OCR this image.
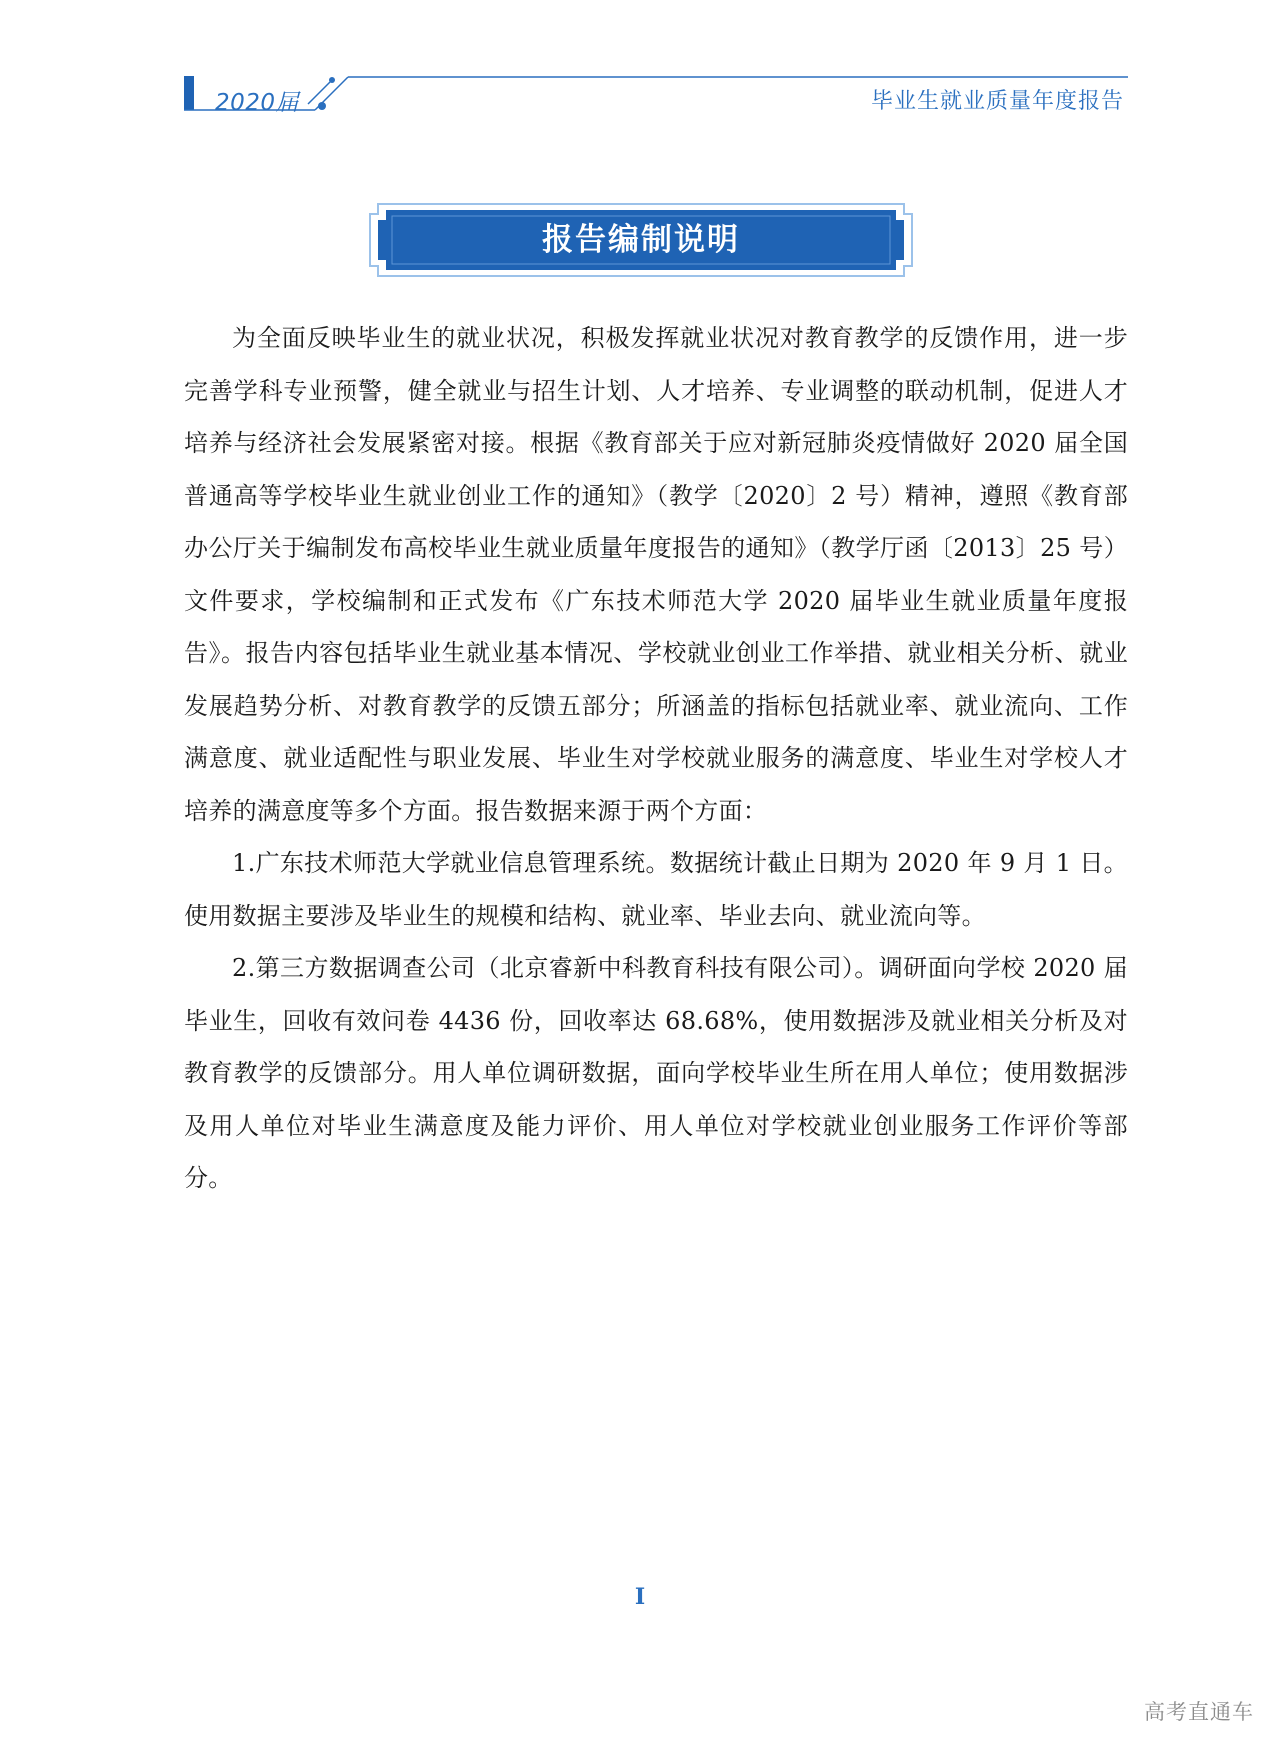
2020届	毕业生就业质量年度报告
报告编制说明

为全面反映毕业生的就业状况，积极发挥就业状况对教育教学的反馈作用，进一步完善学科专业预警，健全就业与招生计划、人才培养、专业调整的联动机制，促进人才培养与经济社会发展紧密对接。根据《教育部关于应对新冠肺炎疫情做好 2020 届全国普通高等学校毕业生就业创业工作的通知》（教学〔2020〕2 号）精神，遵照《教育部办公厅关于编制发布高校毕业生就业质量年度报告的通知》（教学厅函〔2013〕25 号）文件要求，学校编制和正式发布《广东技术师范大学 2020 届毕业生就业质量年度报告》。报告内容包括毕业生就业基本情况、学校就业创业工作举措、就业相关分析、就业发展趋势分析、对教育教学的反馈五部分；所涵盖的指标包括就业率、就业流向、工作满意度、就业适配性与职业发展、毕业生对学校就业服务的满意度、毕业生对学校人才培养的满意度等多个方面。报告数据来源于两个方面：

1.广东技术师范大学就业信息管理系统。数据统计截止日期为 2020 年 9 月 1 日。使用数据主要涉及毕业生的规模和结构、就业率、毕业去向、就业流向等。

2.第三方数据调查公司（北京睿新中科教育科技有限公司）。调研面向学校 2020 届毕业生，回收有效问卷 4436 份，回收率达 68.68%，使用数据涉及就业相关分析及对教育教学的反馈部分。用人单位调研数据，面向学校毕业生所在用人单位；使用数据涉及用人单位对毕业生满意度及能力评价、用人单位对学校就业创业服务工作评价等部分。

I
高考直通车
